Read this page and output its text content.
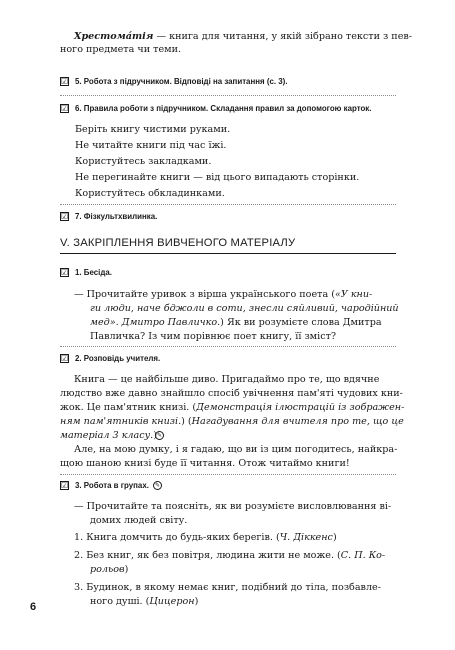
Хрестома́тія — книга для читання, у якій зібрано тексти з пев-
ного предмета чи теми.
☑ 5. Робота з підручником. Відповіді на запитання (с. 3).
☑ 6. Правила роботи з підручником. Складання правил за допомогою карток.
Беріть книгу чистими руками.
Не читайте книги під час їжі.
Користуйтесь закладками.
Не перегинайте книги — від цього випадають сторінки.
Користуйтесь обкладинками.
☑ 7. Фізкультхвилинка.
V. ЗАКРІПЛЕННЯ ВИВЧЕНОГО МАТЕРІАЛУ
☑ 1. Бесіда.
— Прочитайте уривок з вірша українського поета («У кни-
ги люди, наче бджоли в соти, знесли сяйливий, чародійний
мед». Дмитро Павличко.) Як ви розумієте слова Дмитра
Павличка? Із чим порівнює поет книгу, її зміст?
☑ 2. Розповідь учителя.
Книга — це найбільше диво. Пригадаймо про те, що вдячне
людство вже давно знайшло спосіб увічнення пам'яті чудових кни-
жок. Це пам'ятник книзі. (Демонстрація ілюстрацій із зображен-
ням пам'ятників книзі.) (Нагадування для вчителя про те, що це
матеріал 3 класу.) ✎
Але, на мою думку, і я гадаю, що ви із цим погодитесь, найкра-
щою шаною книзі буде її читання. Отож читаймо книги!
☑ 3. Робота в групах.	✎
— Прочитайте та поясніть, як ви розумієте висловлювання ві-
домих людей світу.
1. Книга домчить до будь-яких берегів. (Ч. Діккенс)
2. Без книг, як без повітря, людина жити не може. (С. П. Ко-
рольов)
3. Будинок, в якому немає книг, подібний до тіла, позбавле-
ного душі. (Цицерон)
6
